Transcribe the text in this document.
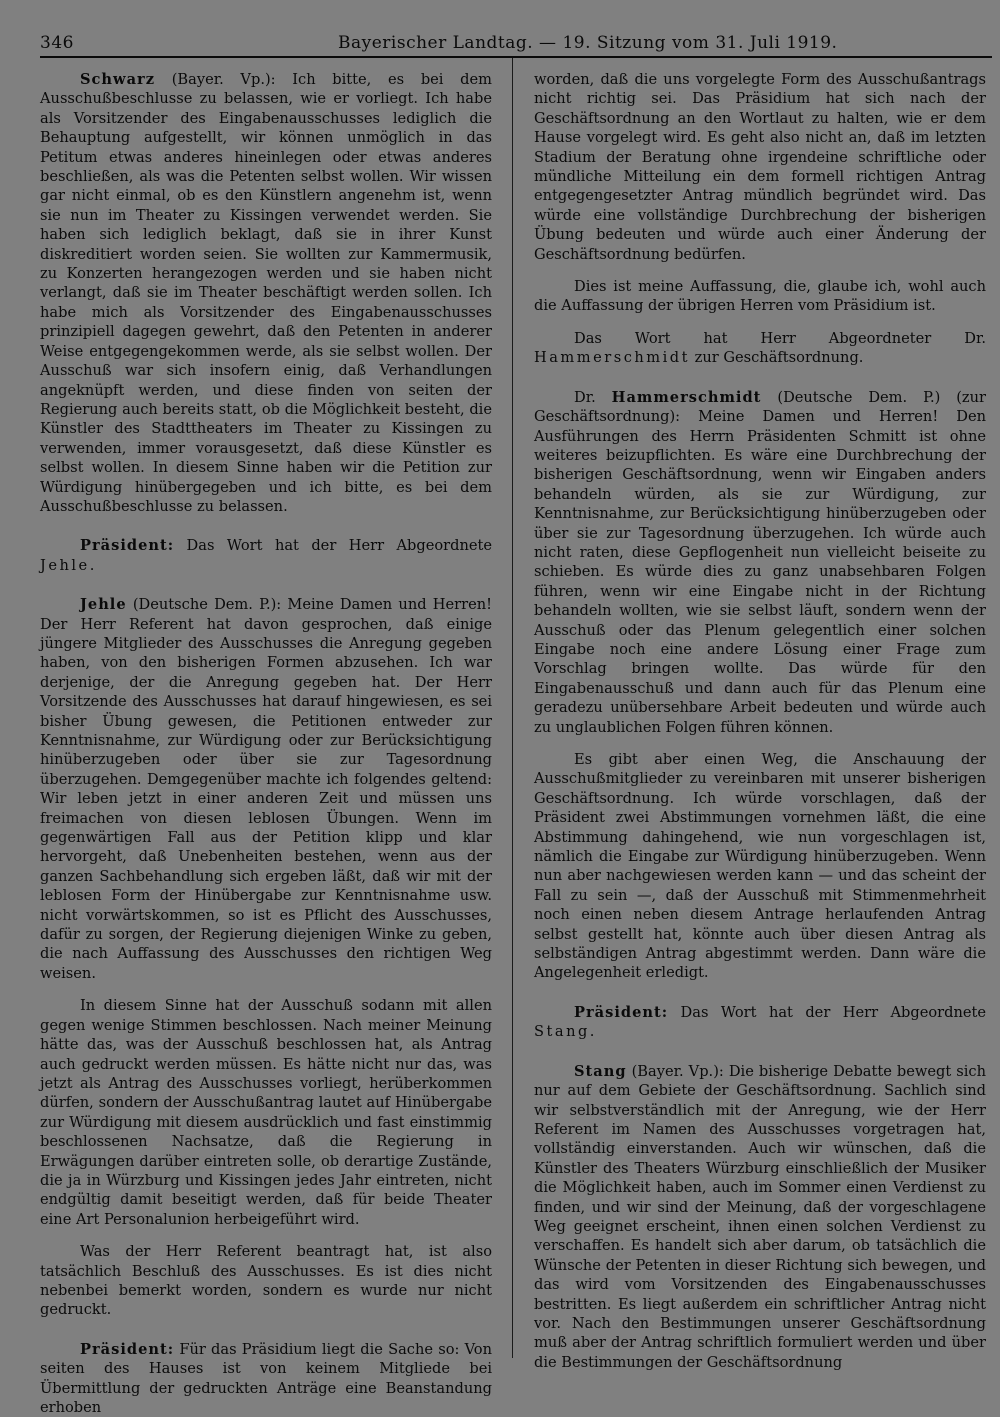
346	Bayerischer Landtag. — 19. Sitzung vom 31. Juli 1919.

Schwarz (Bayer. Vp.): Ich bitte, es bei dem Ausschußbeschlusse zu belassen, wie er vorliegt. Ich habe als Vorsitzender des Eingabenausschusses lediglich die Behauptung aufgestellt, wir können unmöglich in das Petitum etwas anderes hineinlegen oder etwas anderes beschließen, als was die Petenten selbst wollen. Wir wissen gar nicht einmal, ob es den Künstlern angenehm ist, wenn sie nun im Theater zu Kissingen verwendet werden. Sie haben sich lediglich beklagt, daß sie in ihrer Kunst diskreditiert worden seien. Sie wollten zur Kammermusik, zu Konzerten herangezogen werden und sie haben nicht verlangt, daß sie im Theater beschäftigt werden sollen. Ich habe mich als Vorsitzender des Eingabenausschusses prinzipiell dagegen gewehrt, daß den Petenten in anderer Weise entgegengekommen werde, als sie selbst wollen. Der Ausschuß war sich insofern einig, daß Verhandlungen angeknüpft werden, und diese finden von seiten der Regierung auch bereits statt, ob die Möglichkeit besteht, die Künstler des Stadttheaters im Theater zu Kissingen zu verwenden, immer vorausgesetzt, daß diese Künstler es selbst wollen. In diesem Sinne haben wir die Petition zur Würdigung hinübergegeben und ich bitte, es bei dem Ausschußbeschlusse zu belassen.

Präsident: Das Wort hat der Herr Abgeordnete Jehle.

Jehle (Deutsche Dem. P.): Meine Damen und Herren! Der Herr Referent hat davon gesprochen, daß einige jüngere Mitglieder des Ausschusses die Anregung gegeben haben, von den bisherigen Formen abzusehen. Ich war derjenige, der die Anregung gegeben hat. Der Herr Vorsitzende des Ausschusses hat darauf hingewiesen, es sei bisher Übung gewesen, die Petitionen entweder zur Kenntnisnahme, zur Würdigung oder zur Berücksichtigung hinüberzugeben oder über sie zur Tagesordnung überzugehen. Demgegenüber machte ich folgendes geltend: Wir leben jetzt in einer anderen Zeit und müssen uns freimachen von diesen leblosen Übungen. Wenn im gegenwärtigen Fall aus der Petition klipp und klar hervorgeht, daß Unebenheiten bestehen, wenn aus der ganzen Sachbehandlung sich ergeben läßt, daß wir mit der leblosen Form der Hinübergabe zur Kenntnisnahme usw. nicht vorwärtskommen, so ist es Pflicht des Ausschusses, dafür zu sorgen, der Regierung diejenigen Winke zu geben, die nach Auffassung des Ausschusses den richtigen Weg weisen.

In diesem Sinne hat der Ausschuß sodann mit allen gegen wenige Stimmen beschlossen. Nach meiner Meinung hätte das, was der Ausschuß beschlossen hat, als Antrag auch gedruckt werden müssen. Es hätte nicht nur das, was jetzt als Antrag des Ausschusses vorliegt, herüberkommen dürfen, sondern der Ausschußantrag lautet auf Hinübergabe zur Würdigung mit diesem ausdrücklich und fast einstimmig beschlossenen Nachsatze, daß die Regierung in Erwägungen darüber eintreten solle, ob derartige Zustände, die ja in Würzburg und Kissingen jedes Jahr eintreten, nicht endgültig damit beseitigt werden, daß für beide Theater eine Art Personalunion herbeigeführt wird.

Was der Herr Referent beantragt hat, ist also tatsächlich Beschluß des Ausschusses. Es ist dies nicht nebenbei bemerkt worden, sondern es wurde nur nicht gedruckt.

Präsident: Für das Präsidium liegt die Sache so: Von seiten des Hauses ist von keinem Mitgliede bei Übermittlung der gedruckten Anträge eine Beanstandung erhoben

worden, daß die uns vorgelegte Form des Ausschußantrags nicht richtig sei. Das Präsidium hat sich nach der Geschäftsordnung an den Wortlaut zu halten, wie er dem Hause vorgelegt wird. Es geht also nicht an, daß im letzten Stadium der Beratung ohne irgendeine schriftliche oder mündliche Mitteilung ein dem formell richtigen Antrag entgegengesetzter Antrag mündlich begründet wird. Das würde eine vollständige Durchbrechung der bisherigen Übung bedeuten und würde auch einer Änderung der Geschäftsordnung bedürfen.

Dies ist meine Auffassung, die, glaube ich, wohl auch die Auffassung der übrigen Herren vom Präsidium ist.

Das Wort hat Herr Abgeordneter Dr. Hammerschmidt zur Geschäftsordnung.

Dr. Hammerschmidt (Deutsche Dem. P.) (zur Geschäftsordnung): Meine Damen und Herren! Den Ausführungen des Herrn Präsidenten Schmitt ist ohne weiteres beizupflichten. Es wäre eine Durchbrechung der bisherigen Geschäftsordnung, wenn wir Eingaben anders behandeln würden, als sie zur Würdigung, zur Kenntnisnahme, zur Berücksichtigung hinüberzugeben oder über sie zur Tagesordnung überzugehen. Ich würde auch nicht raten, diese Gepflogenheit nun vielleicht beiseite zu schieben. Es würde dies zu ganz unabsehbaren Folgen führen, wenn wir eine Eingabe nicht in der Richtung behandeln wollten, wie sie selbst läuft, sondern wenn der Ausschuß oder das Plenum gelegentlich einer solchen Eingabe noch eine andere Lösung einer Frage zum Vorschlag bringen wollte. Das würde für den Eingabenausschuß und dann auch für das Plenum eine geradezu unübersehbare Arbeit bedeuten und würde auch zu unglaublichen Folgen führen können.

Es gibt aber einen Weg, die Anschauung der Ausschußmitglieder zu vereinbaren mit unserer bisherigen Geschäftsordnung. Ich würde vorschlagen, daß der Präsident zwei Abstimmungen vornehmen läßt, die eine Abstimmung dahingehend, wie nun vorgeschlagen ist, nämlich die Eingabe zur Würdigung hinüberzugeben. Wenn nun aber nachgewiesen werden kann — und das scheint der Fall zu sein —, daß der Ausschuß mit Stimmenmehrheit noch einen neben diesem Antrage herlaufenden Antrag selbst gestellt hat, könnte auch über diesen Antrag als selbständigen Antrag abgestimmt werden. Dann wäre die Angelegenheit erledigt.

Präsident: Das Wort hat der Herr Abgeordnete Stang.

Stang (Bayer. Vp.): Die bisherige Debatte bewegt sich nur auf dem Gebiete der Geschäftsordnung. Sachlich sind wir selbstverständlich mit der Anregung, wie der Herr Referent im Namen des Ausschusses vorgetragen hat, vollständig einverstanden. Auch wir wünschen, daß die Künstler des Theaters Würzburg einschließlich der Musiker die Möglichkeit haben, auch im Sommer einen Verdienst zu finden, und wir sind der Meinung, daß der vorgeschlagene Weg geeignet erscheint, ihnen einen solchen Verdienst zu verschaffen. Es handelt sich aber darum, ob tatsächlich die Wünsche der Petenten in dieser Richtung sich bewegen, und das wird vom Vorsitzenden des Eingabenausschusses bestritten. Es liegt außerdem ein schriftlicher Antrag nicht vor. Nach den Bestimmungen unserer Geschäftsordnung muß aber der Antrag schriftlich formuliert werden und über die Bestimmungen der Geschäftsordnung
